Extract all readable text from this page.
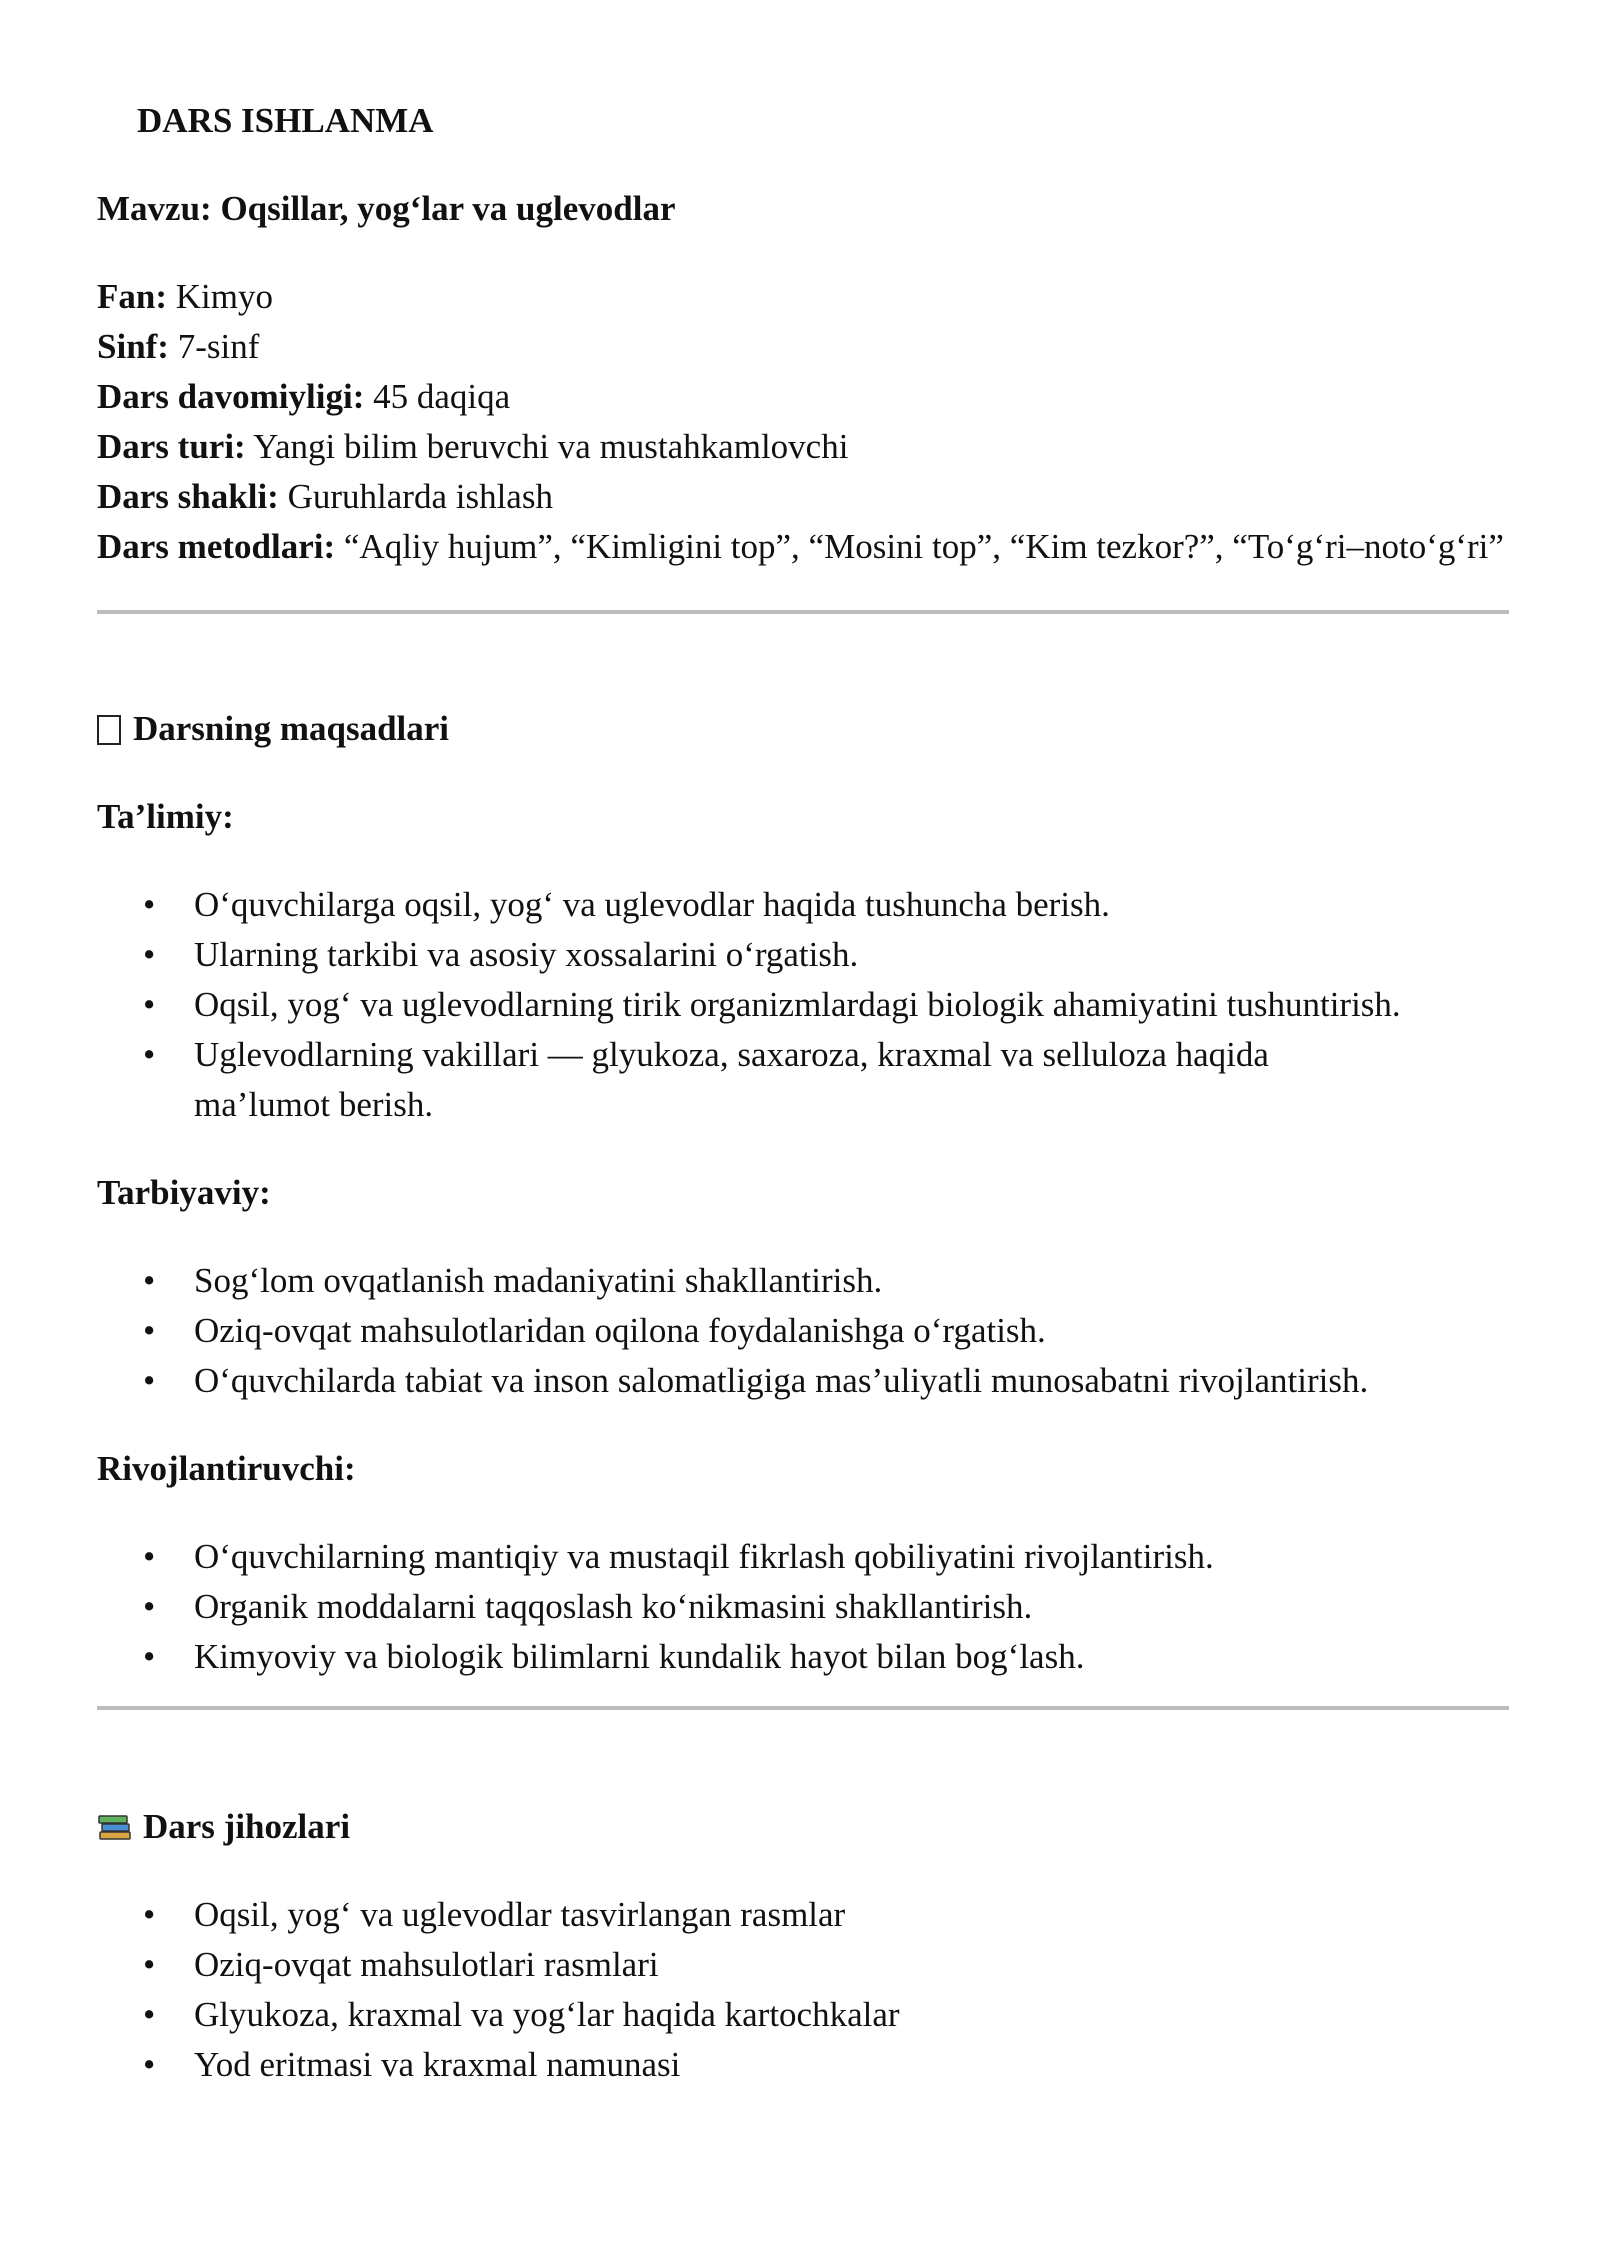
DARS ISHLANMA
Mavzu: Oqsillar, yog‘lar va uglevodlar
Fan: Kimyo
Sinf: 7-sinf
Dars davomiyligi: 45 daqiqa
Dars turi: Yangi bilim beruvchi va mustahkamlovchi
Dars shakli: Guruhlarda ishlash
Dars metodlari: “Aqliy hujum”, “Kimligini top”, “Mosini top”, “Kim tezkor?”, “To‘g‘ri–noto‘g‘ri”
Darsning maqsadlari
Ta’limiy:
• O‘quvchilarga oqsil, yog‘ va uglevodlar haqida tushuncha berish.
• Ularning tarkibi va asosiy xossalarini o‘rgatish.
• Oqsil, yog‘ va uglevodlarning tirik organizmlardagi biologik ahamiyatini tushuntirish.
• Uglevodlarning vakillari — glyukoza, saxaroza, kraxmal va selluloza haqida ma’lumot berish.
Tarbiyaviy:
• Sog‘lom ovqatlanish madaniyatini shakllantirish.
• Oziq-ovqat mahsulotlaridan oqilona foydalanishga o‘rgatish.
• O‘quvchilarda tabiat va inson salomatligiga mas’uliyatli munosabatni rivojlantirish.
Rivojlantiruvchi:
• O‘quvchilarning mantiqiy va mustaqil fikrlash qobiliyatini rivojlantirish.
• Organik moddalarni taqqoslash ko‘nikmasini shakllantirish.
• Kimyoviy va biologik bilimlarni kundalik hayot bilan bog‘lash.
Dars jihozlari
• Oqsil, yog‘ va uglevodlar tasvirlangan rasmlar
• Oziq-ovqat mahsulotlari rasmlari
• Glyukoza, kraxmal va yog‘lar haqida kartochkalar
• Yod eritmasi va kraxmal namunasi
